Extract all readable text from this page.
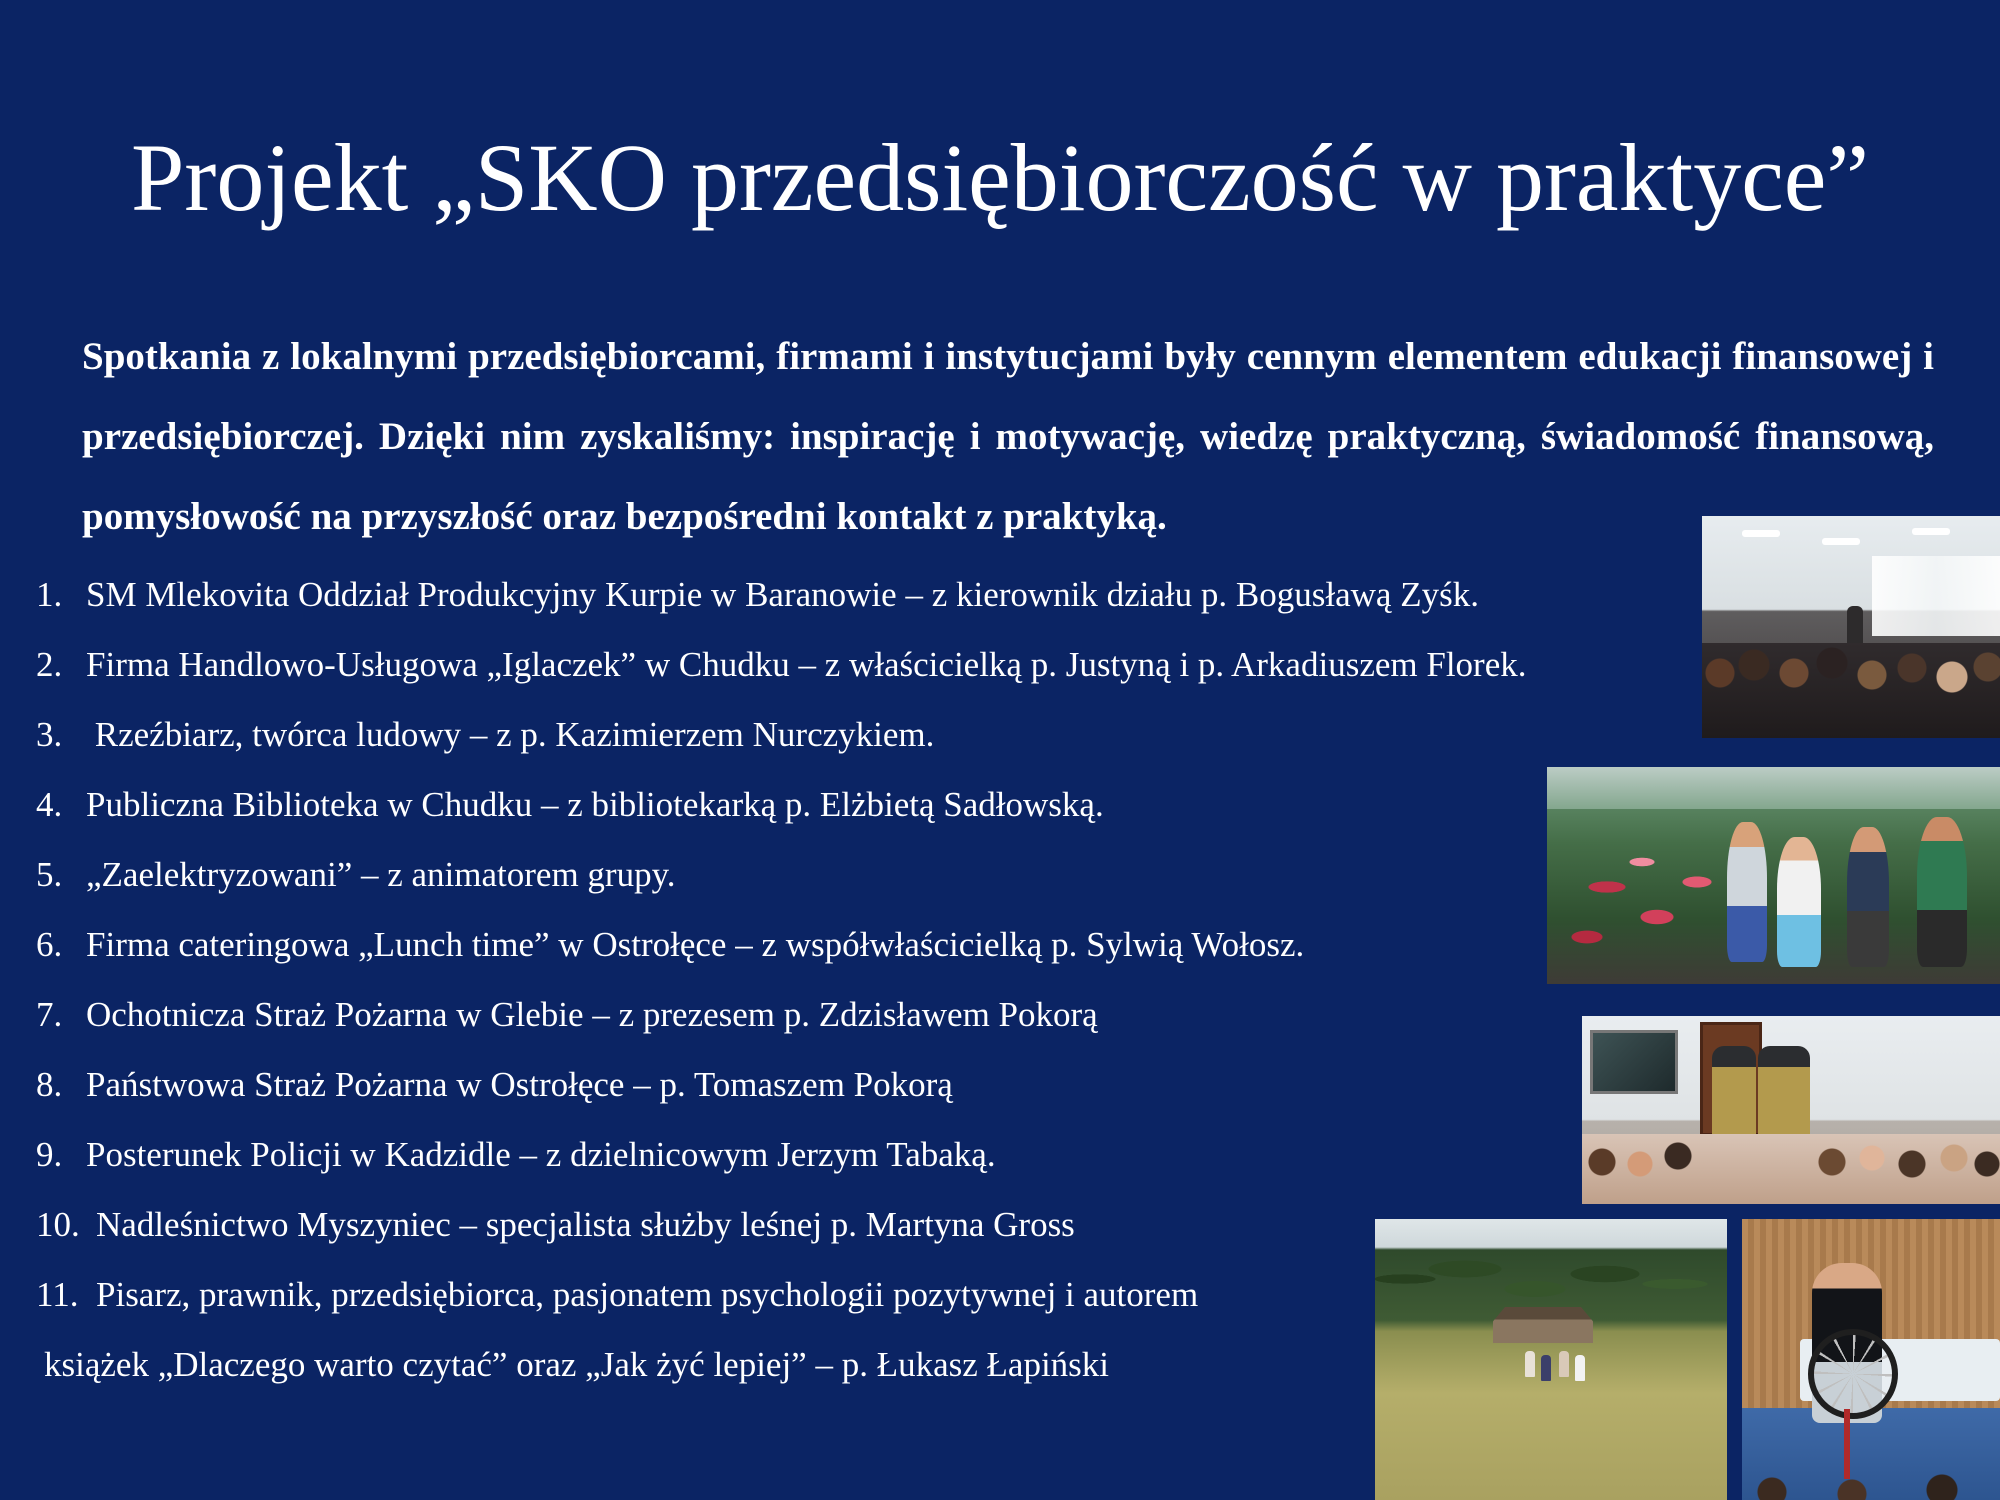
Projekt „SKO przedsiębiorczość w praktyce”

Spotkania z lokalnymi przedsiębiorcami, firmami i instytucjami były cennym elementem edukacji finansowej i przedsiębiorczej. Dzięki nim zyskaliśmy: inspirację i motywację, wiedzę praktyczną, świadomość finansową, pomysłowość na przyszłość oraz bezpośredni kontakt z praktyką.

1. SM Mlekovita Oddział Produkcyjny Kurpie w Baranowie – z kierownik działu p. Bogusławą Zyśk.
2. Firma Handlowo-Usługowa „Iglaczek” w Chudku – z właścicielką p. Justyną i p. Arkadiuszem Florek.
3. Rzeźbiarz, twórca ludowy – z p. Kazimierzem Nurczykiem.
4. Publiczna Biblioteka w Chudku – z bibliotekarką p. Elżbietą Sadłowską.
5. „Zaelektryzowani” – z animatorem grupy.
6. Firma cateringowa „Lunch time” w Ostrołęce – z współwłaścicielką p. Sylwią Wołosz.
7. Ochotnicza Straż Pożarna w Glebie – z prezesem p. Zdzisławem Pokorą
8. Państwowa Straż Pożarna w Ostrołęce – p. Tomaszem Pokorą
9. Posterunek Policji w Kadzidle – z dzielnicowym Jerzym Tabaką.
10. Nadleśnictwo Myszyniec – specjalista służby leśnej p. Martyna Gross
11. Pisarz, prawnik, przedsiębiorca, pasjonatem psychologii pozytywnej i autorem
książek „Dlaczego warto czytać” oraz „Jak żyć lepiej” – p. Łukasz Łapiński
